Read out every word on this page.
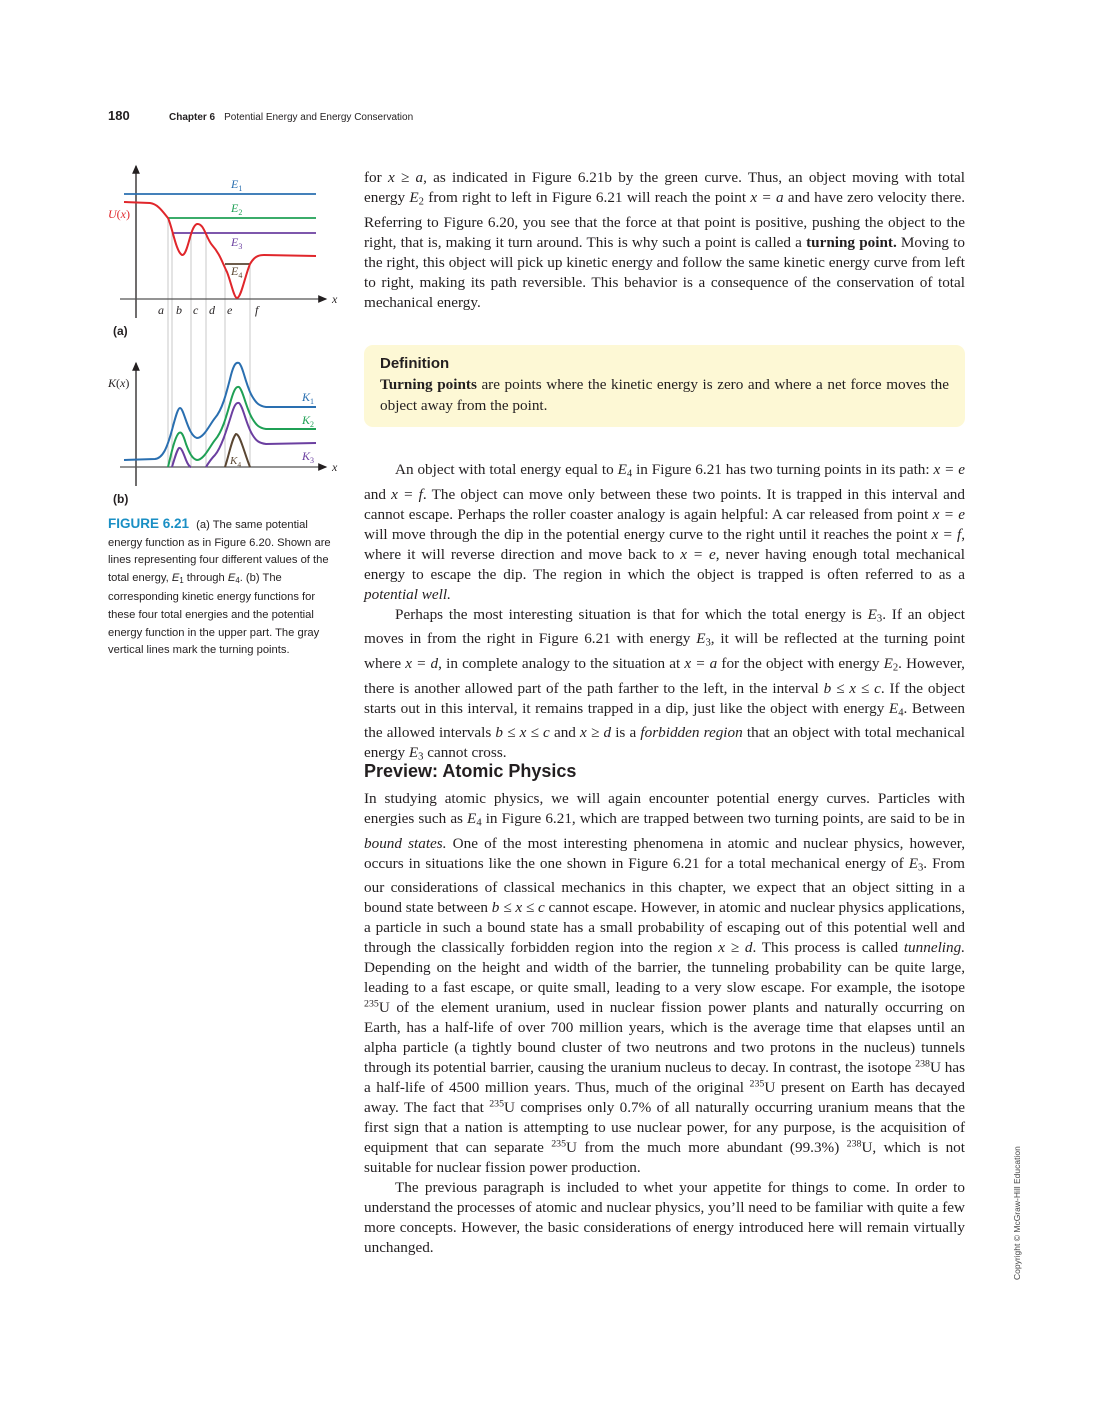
180	Chapter 6 Potential Energy and Energy Conservation
$E_1$
$E_2$
$E_3$
$E_4$
U(x)
x
a b c d e f
(a)
K(x)
$K_1$
$K_2$
$K_3$
$K_4$	x
(b)
FIGURE 6.21 (a) The same potential energy function as in Figure 6.20. Shown are lines representing four different values of the total energy, $E_1$ through $E_4$. (b) The corresponding kinetic energy functions for these four total energies and the potential energy function in the upper part. The gray vertical lines mark the turning points.

for x ≥ a, as indicated in Figure 6.21b by the green curve. Thus, an object moving with total energy $E_2$ from right to left in Figure 6.21 will reach the point x = a and have zero velocity there. Referring to Figure 6.20, you see that the force at that point is positive, pushing the object to the right, that is, making it turn around. This is why such a point is called a turning point. Moving to the right, this object will pick up kinetic energy and follow the same kinetic energy curve from left to right, making its path reversible. This behavior is a consequence of the conservation of total mechanical energy.

Definition
Turning points are points where the kinetic energy is zero and where a net force moves the object away from the point.

An object with total energy equal to $E_4$ in Figure 6.21 has two turning points in its path: x = e and x = f. The object can move only between these two points. It is trapped in this interval and cannot escape. Perhaps the roller coaster analogy is again helpful: A car released from point x = e will move through the dip in the potential energy curve to the right until it reaches the point x = f, where it will reverse direction and move back to x = e, never having enough total mechanical energy to escape the dip. The region in which the object is trapped is often referred to as a potential well.

Perhaps the most interesting situation is that for which the total energy is $E_3$. If an object moves in from the right in Figure 6.21 with energy $E_3$, it will be reflected at the turning point where x = d, in complete analogy to the situation at x = a for the object with energy $E_2$. However, there is another allowed part of the path farther to the left, in the interval b ≤ x ≤ c. If the object starts out in this interval, it remains trapped in a dip, just like the object with energy $E_4$. Between the allowed intervals b ≤ x ≤ c and x ≥ d is a forbidden region that an object with total mechanical energy $E_3$ cannot cross.

Preview: Atomic Physics

In studying atomic physics, we will again encounter potential energy curves. Particles with energies such as $E_4$ in Figure 6.21, which are trapped between two turning points, are said to be in bound states. One of the most interesting phenomena in atomic and nuclear physics, however, occurs in situations like the one shown in Figure 6.21 for a total mechanical energy of $E_3$. From our considerations of classical mechanics in this chapter, we expect that an object sitting in a bound state between b ≤ x ≤ c cannot escape. However, in atomic and nuclear physics applications, a particle in such a bound state has a small probability of escaping out of this potential well and through the classically forbidden region into the region x ≥ d. This process is called tunneling. Depending on the height and width of the barrier, the tunneling probability can be quite large, leading to a fast escape, or quite small, leading to a very slow escape. For example, the isotope $^{235}$U of the element uranium, used in nuclear fission power plants and naturally occurring on Earth, has a half-life of over 700 million years, which is the average time that elapses until an alpha particle (a tightly bound cluster of two neutrons and two protons in the nucleus) tunnels through its potential barrier, causing the uranium nucleus to decay. In contrast, the isotope $^{238}$U has a half-life of 4500 million years. Thus, much of the original $^{235}$U present on Earth has decayed away. The fact that $^{235}$U comprises only 0.7% of all naturally occurring uranium means that the first sign that a nation is attempting to use nuclear power, for any purpose, is the acquisition of equipment that can separate $^{235}$U from the much more abundant (99.3%) $^{238}$U, which is not suitable for nuclear fission power production.

The previous paragraph is included to whet your appetite for things to come. In order to understand the processes of atomic and nuclear physics, you’ll need to be familiar with quite a few more concepts. However, the basic considerations of energy introduced here will remain virtually unchanged.	Copyright © McGraw-Hill Education
